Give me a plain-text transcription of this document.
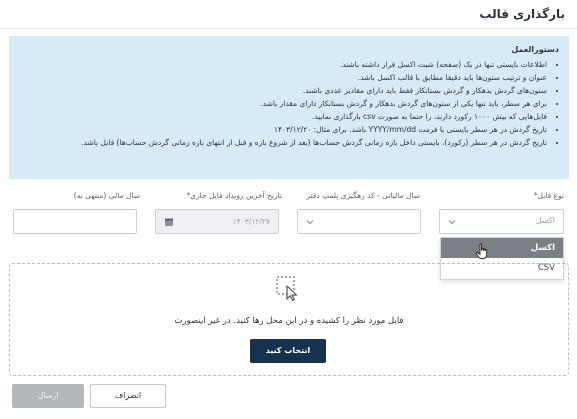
بارگذاری قالب
دستورالعمل
• اطلاعات بایستی تنها در یک (صفحه) شیت اکسل قرار داشته باشند.
• عنوان و ترتیب ستون‌ها باید دقیقا مطابق با قالب اکسل باشد.
• ستون‌های گردش بدهکار و گردش بستانکار فقط باید دارای مقادیر عددی باشند.
• برای هر سطر، باید تنها یکی از ستون‌های گردش بدهکار و گردش بستانکار دارای مقدار باشد.
• فایل‌هایی که بیش ۱۰۰۰ رکورد دارند، را حتما به صورت csv بارگذاری نمایید.
• تاریخ گردش در هر سطر بایستی با فرمت YYYY/mm/dd باشد. برای مثال: ۱۴۰۳/۱۲/۲۰
• تاریخ گردش در هر سطر (رکورد)، بایستی داخل بازه زمانی گردش حساب‌ها (بعد از شروع بازه و قبل از انتهای بازه زمانی گردش حساب‌ها) فایل باشد.
نوع فایل*
سال مالیاتی - کد رهگیری پلمپ دفتر
تاریخ آخرین رویداد فایل جاری*
سال مالی (منتهی به)
اکسل
۱۴۰۳/۱۲/۲۷
اکسل
CSV
فایل مورد نظر را کشیده و در این محل رها کنید. در غیر اینصورت
انتخاب کنید
انصراف
ارسال
